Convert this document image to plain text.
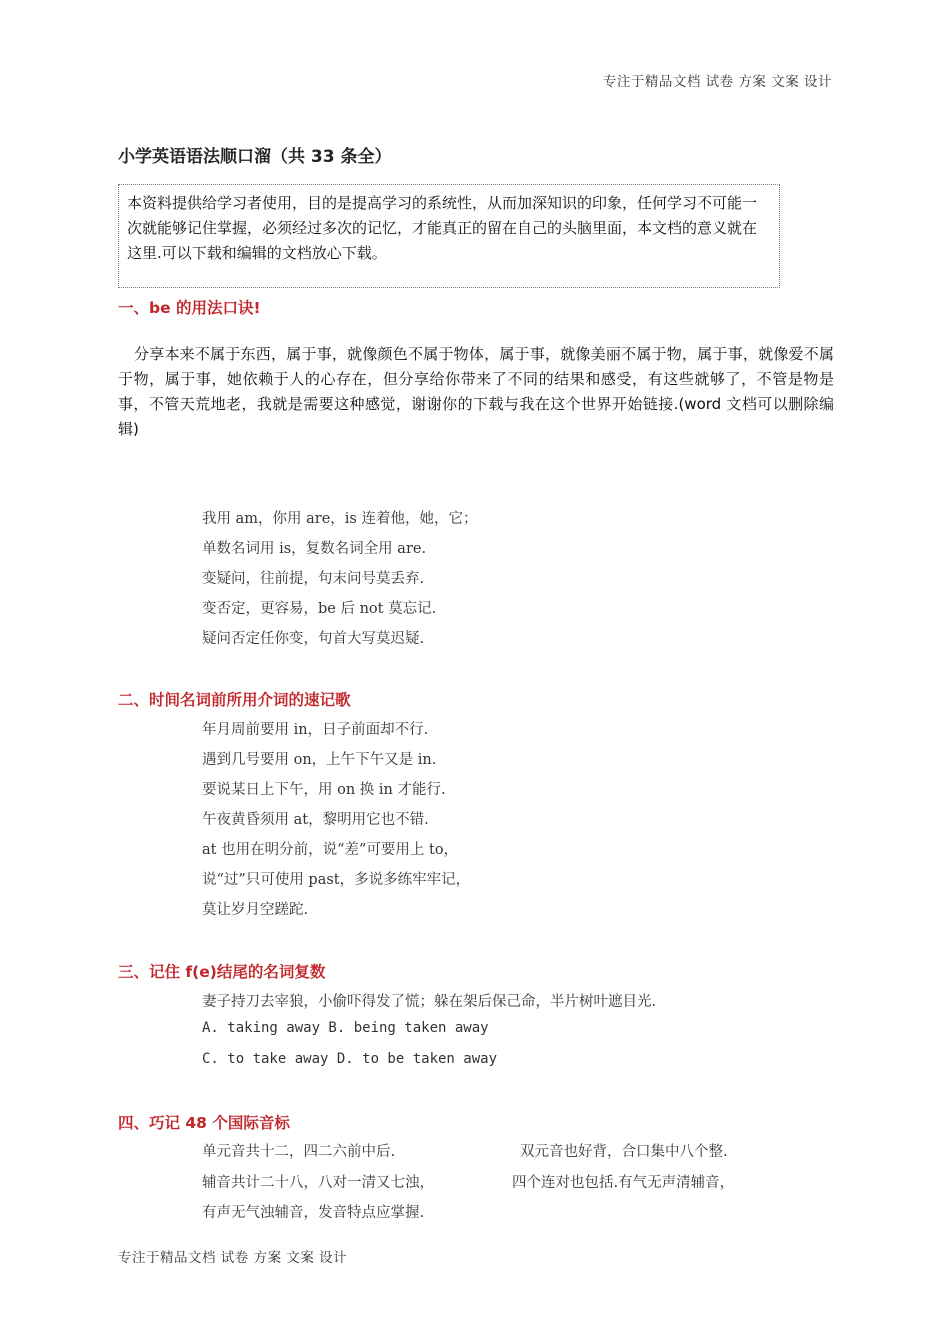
专注于精品文档 试卷 方案 文案 设计
小学英语语法顺口溜（共 33 条全）
本资料提供给学习者使用，目的是提高学习的系统性，从而加深知识的印象，任何学习不可能一次就能够记住掌握，必须经过多次的记忆，才能真正的留在自己的头脑里面，本文档的意义就在这里.可以下载和编辑的文档放心下载。
一、be 的用法口诀!
分享本来不属于东西，属于事，就像颜色不属于物体，属于事，就像美丽不属于物，属于事，就像爱不属于物，属于事，她依赖于人的心存在，但分享给你带来了不同的结果和感受，有这些就够了，不管是物是事，不管天荒地老，我就是需要这种感觉，谢谢你的下载与我在这个世界开始链接.(word 文档可以删除编辑)
我用 am，你用 are，is 连着他，她，它；
单数名词用 is，复数名词全用 are.
变疑问，往前提，句末问号莫丢弃.
变否定，更容易，be 后 not 莫忘记.
疑问否定任你变，句首大写莫迟疑.
二、时间名词前所用介词的速记歌
年月周前要用 in，日子前面却不行.
遇到几号要用 on，上午下午又是 in.
要说某日上下午，用 on 换 in 才能行.
午夜黄昏须用 at，黎明用它也不错.
at 也用在明分前，说“差”可要用上 to，
说“过”只可使用 past，多说多练牢牢记，
莫让岁月空蹉跎.
三、记住 f(e)结尾的名词复数
妻子持刀去宰狼，小偷吓得发了慌；躲在架后保己命，半片树叶遮目光.
A. taking away B. being taken away
C. to take away D. to be taken away
四、巧记 48 个国际音标
单元音共十二，四二六前中后.	双元音也好背，合口集中八个整.
辅音共计二十八，八对一清又七浊，	四个连对也包括.有气无声清辅音，
有声无气浊辅音，发音特点应掌握.
专注于精品文档 试卷 方案 文案 设计
